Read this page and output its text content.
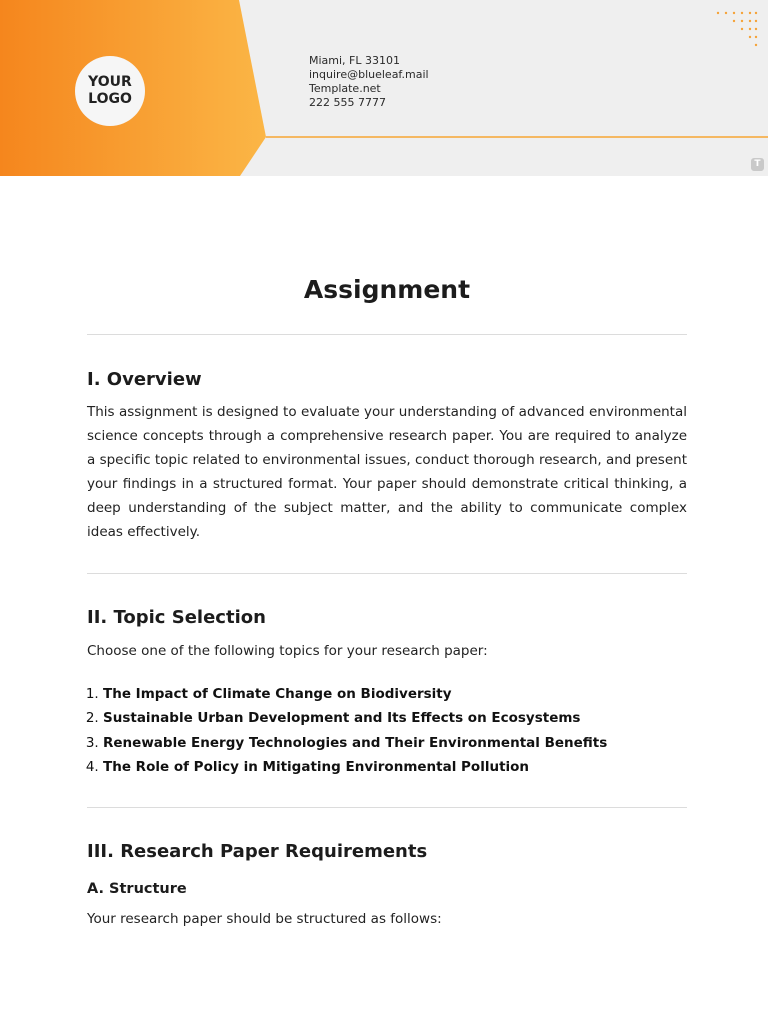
YOUR
LOGO
Miami, FL 33101
inquire@blueleaf.mail
Template.net
222 555 7777
T
Assignment
I. Overview

This assignment is designed to evaluate your understanding of advanced environmental science concepts through a comprehensive research paper. You are required to analyze a specific topic related to environmental issues, conduct thorough research, and present your findings in a structured format. Your paper should demonstrate critical thinking, a deep understanding of the subject matter, and the ability to communicate complex ideas effectively.

II. Topic Selection

Choose one of the following topics for your research paper:

1. The Impact of Climate Change on Biodiversity
2. Sustainable Urban Development and Its Effects on Ecosystems
3. Renewable Energy Technologies and Their Environmental Benefits
4. The Role of Policy in Mitigating Environmental Pollution
III. Research Paper Requirements
A. Structure

Your research paper should be structured as follows:
